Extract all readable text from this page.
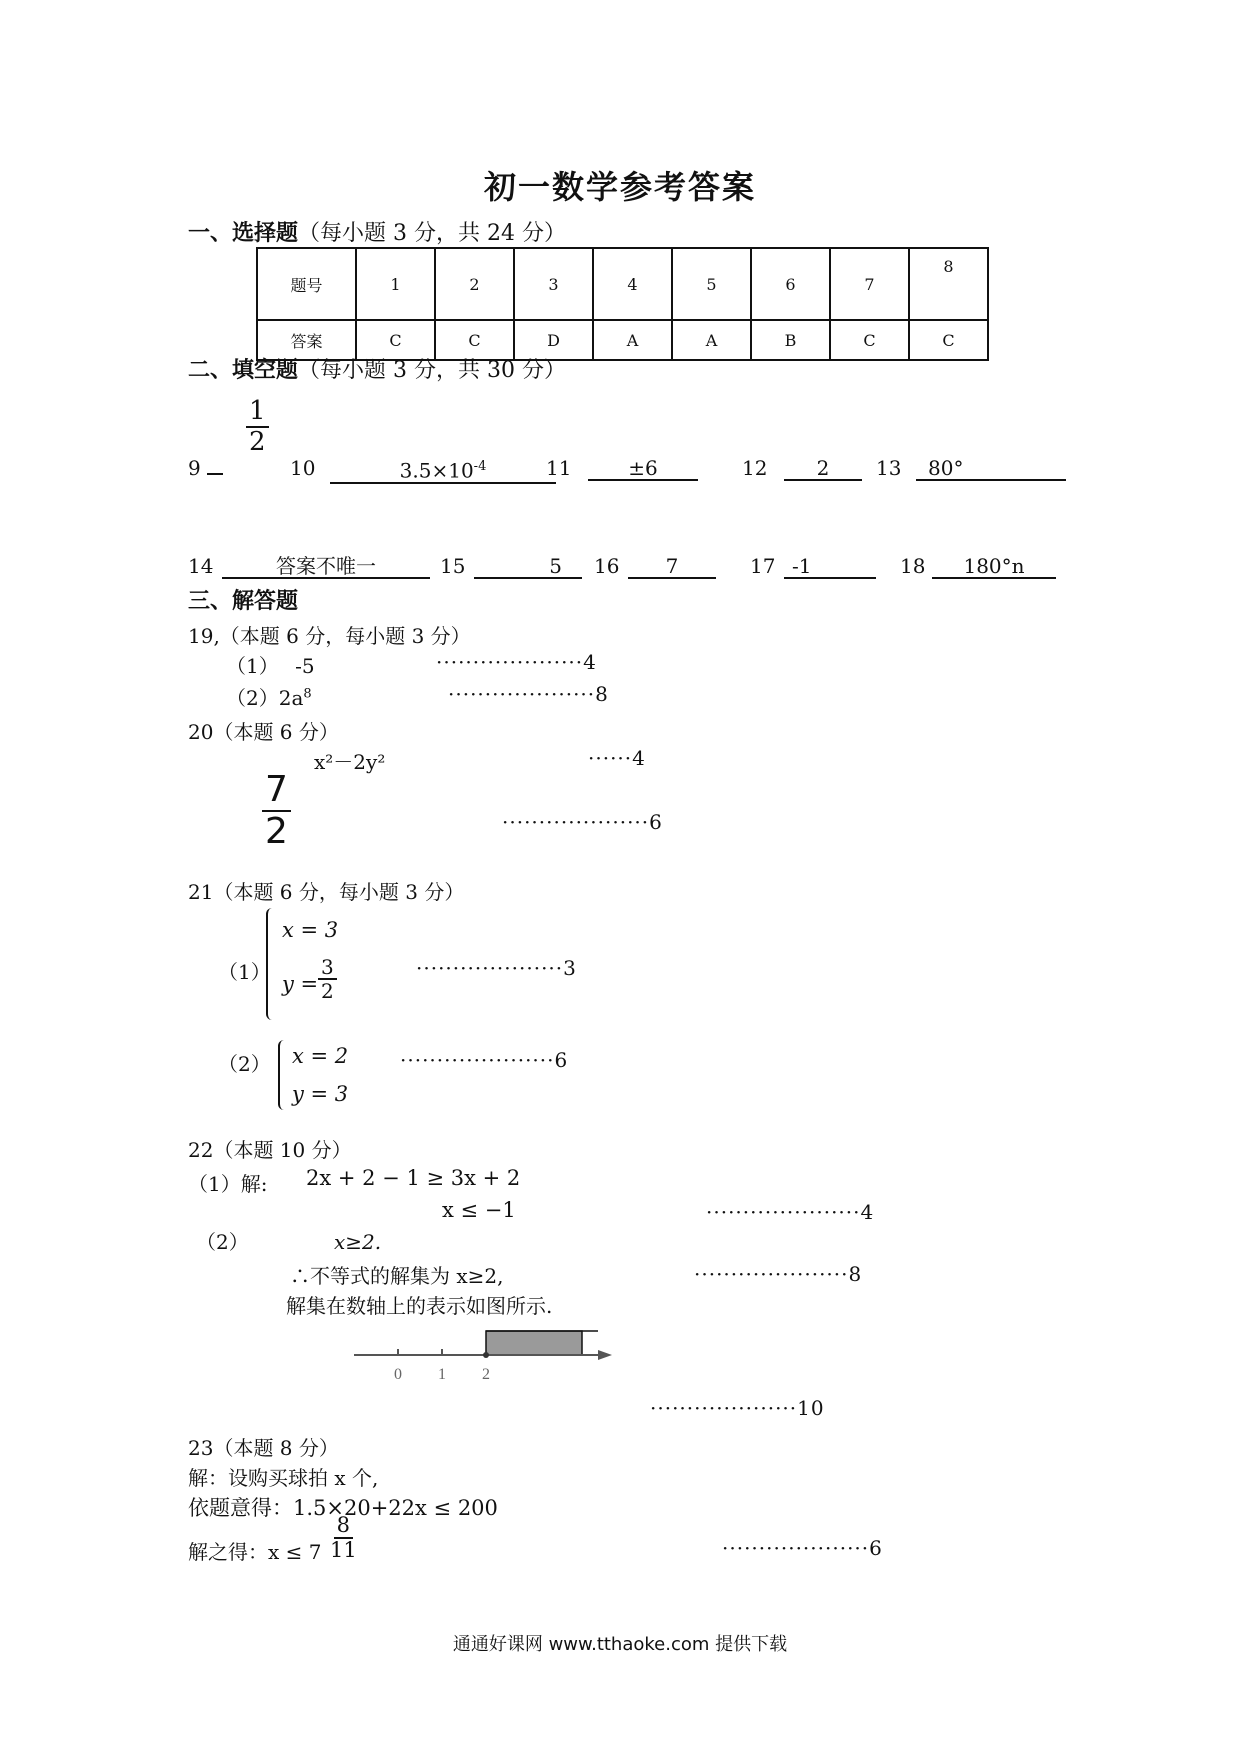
初一数学参考答案
一、选择题（每小题 3 分，共 24 分）
题号	1	2	3	4	5	6	7	8
答案	C	C	D	A	A	B	C	C
二、填空题（每小题 3 分，共 30 分）
$\frac{1}{2}$
9	10	$3.5\times 10^{-4}$	11	±6	12	2	13	80°
14	答案不唯一	15	5	16	7	17 -1	18	180°n
三、解答题
19,（本题 6 分，每小题 3 分）
（1） -5	····················4
$(2)2a^8$	····················8
20（本题 6 分）
x²－2y²	······4
$\frac{7}{2}$	····················6
21（本题 6 分，每小题 3 分）
（1）
x = 3
$y = \frac{3}{2}$	····················3
（2） x = 2
y = 3
·····················6
22（本题 10 分）
（1）解: 2x + 2 − 1 ≥ 3x + 2
x ≤ −1	·····················4
（2）	x≥2.
∴不等式的解集为 x≥2,	·····················8
解集在数轴上的表示如图所示.
0 1 2
····················10
23（本题 8 分）
解：设购买球拍 x 个,
依题意得：1.5×20+22x ≤ 200
解之得：$x \le 7 \frac{8}{11}$	····················6
通通好课网 www.tthaoke.com 提供下载
